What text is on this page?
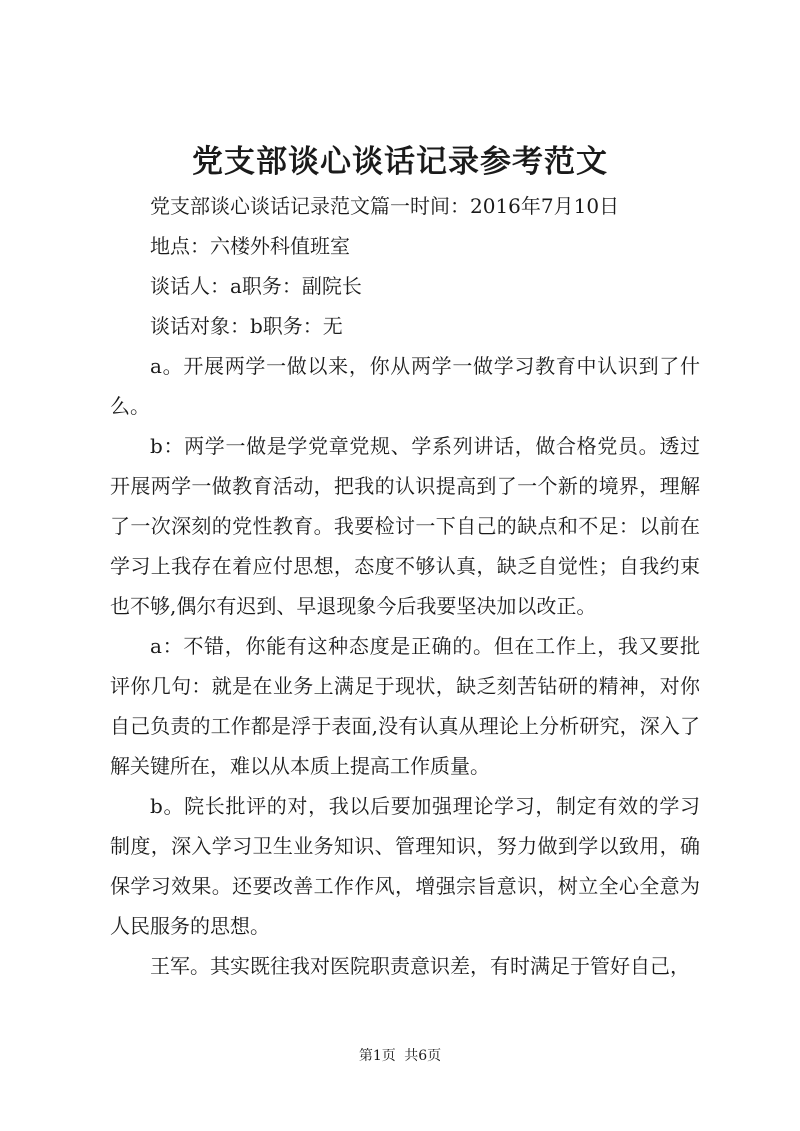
党支部谈心谈话记录参考范文

党支部谈心谈话记录范文篇一时间：2016年7月10日

地点：六楼外科值班室

谈话人：a职务：副院长

谈话对象：b职务：无

a。开展两学一做以来，你从两学一做学习教育中认识到了什么。

b：两学一做是学党章党规、学系列讲话，做合格党员。透过开展两学一做教育活动，把我的认识提高到了一个新的境界，理解了一次深刻的党性教育。我要检讨一下自己的缺点和不足：以前在学习上我存在着应付思想，态度不够认真，缺乏自觉性；自我约束也不够,偶尔有迟到、早退现象今后我要坚决加以改正。

a：不错，你能有这种态度是正确的。但在工作上，我又要批评你几句：就是在业务上满足于现状，缺乏刻苦钻研的精神，对你自己负责的工作都是浮于表面,没有认真从理论上分析研究，深入了解关键所在，难以从本质上提高工作质量。

b。院长批评的对，我以后要加强理论学习，制定有效的学习制度，深入学习卫生业务知识、管理知识，努力做到学以致用，确保学习效果。还要改善工作作风，增强宗旨意识，树立全心全意为人民服务的思想。

王军。其实既往我对医院职责意识差，有时满足于管好自己，

第1页 共6页
